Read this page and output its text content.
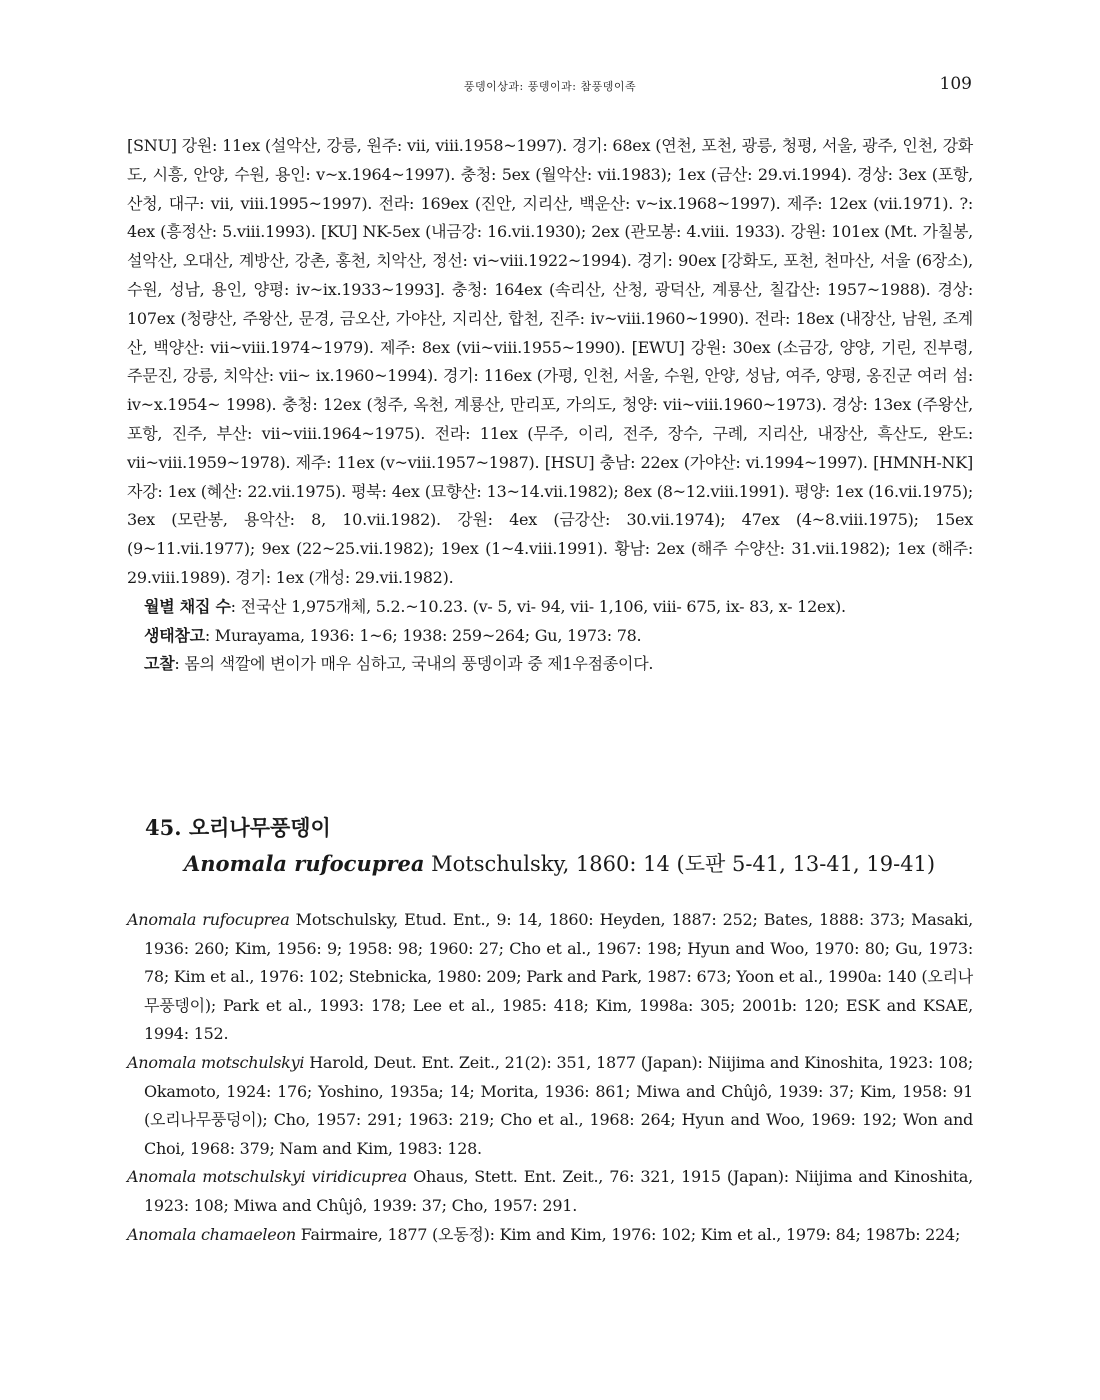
풍뎅이상과: 풍뎅이과: 참풍뎅이족	109

[SNU] 강원: 11ex (설악산, 강릉, 원주: vii, viii.1958~1997). 경기: 68ex (연천, 포천, 광릉, 청평, 서울, 광주, 인천, 강화도, 시흥, 안양, 수원, 용인: v~x.1964~1997). 충청: 5ex (월악산: vii.1983); 1ex (금산: 29.vi.1994). 경상: 3ex (포항, 산청, 대구: vii, viii.1995~1997). 전라: 169ex (진안, 지리산, 백운산: v~ix.1968~1997). 제주: 12ex (vii.1971). ?: 4ex (흥정산: 5.viii.1993). [KU] NK-5ex (내금강: 16.vii.1930); 2ex (관모봉: 4.viii. 1933). 강원: 101ex (Mt. 가칠봉, 설악산, 오대산, 계방산, 강촌, 홍천, 치악산, 정선: vi~viii.1922~1994). 경기: 90ex [강화도, 포천, 천마산, 서울 (6장소), 수원, 성남, 용인, 양평: iv~ix.1933~1993]. 충청: 164ex (속리산, 산청, 광덕산, 계룡산, 칠갑산: 1957~1988). 경상: 107ex (청량산, 주왕산, 문경, 금오산, 가야산, 지리산, 합천, 진주: iv~viii.1960~1990). 전라: 18ex (내장산, 남원, 조계산, 백양산: vii~viii.1974~1979). 제주: 8ex (vii~viii.1955~1990). [EWU] 강원: 30ex (소금강, 양양, 기린, 진부령, 주문진, 강릉, 치악산: vii~ ix.1960~1994). 경기: 116ex (가평, 인천, 서울, 수원, 안양, 성남, 여주, 양평, 옹진군 여러 섬: iv~x.1954~ 1998). 충청: 12ex (청주, 옥천, 계룡산, 만리포, 가의도, 청양: vii~viii.1960~1973). 경상: 13ex (주왕산, 포항, 진주, 부산: vii~viii.1964~1975). 전라: 11ex (무주, 이리, 전주, 장수, 구례, 지리산, 내장산, 흑산도, 완도: vii~viii.1959~1978). 제주: 11ex (v~viii.1957~1987). [HSU] 충남: 22ex (가야산: vi.1994~1997). [HMNH-NK] 자강: 1ex (혜산: 22.vii.1975). 평북: 4ex (묘향산: 13~14.vii.1982); 8ex (8~12.viii.1991). 평양: 1ex (16.vii.1975); 3ex (모란봉, 용악산: 8, 10.vii.1982). 강원: 4ex (금강산: 30.vii.1974); 47ex (4~8.viii.1975); 15ex (9~11.vii.1977); 9ex (22~25.vii.1982); 19ex (1~4.viii.1991). 황남: 2ex (해주 수양산: 31.vii.1982); 1ex (해주: 29.viii.1989). 경기: 1ex (개성: 29.vii.1982).

월별 채집 수: 전국산 1,975개체, 5.2.~10.23. (v- 5, vi- 94, vii- 1,106, viii- 675, ix- 83, x- 12ex).

생태참고: Murayama, 1936: 1~6; 1938: 259~264; Gu, 1973: 78.

고찰: 몸의 색깔에 변이가 매우 심하고, 국내의 풍뎅이과 중 제1우점종이다.

45. 오리나무풍뎅이

Anomala rufocuprea Motschulsky, 1860: 14 (도판 5-41, 13-41, 19-41)

Anomala rufocuprea Motschulsky, Etud. Ent., 9: 14, 1860: Heyden, 1887: 252; Bates, 1888: 373; Masaki, 1936: 260; Kim, 1956: 9; 1958: 98; 1960: 27; Cho et al., 1967: 198; Hyun and Woo, 1970: 80; Gu, 1973: 78; Kim et al., 1976: 102; Stebnicka, 1980: 209; Park and Park, 1987: 673; Yoon et al., 1990a: 140 (오리나무풍뎅이); Park et al., 1993: 178; Lee et al., 1985: 418; Kim, 1998a: 305; 2001b: 120; ESK and KSAE, 1994: 152.

Anomala motschulskyi Harold, Deut. Ent. Zeit., 21(2): 351, 1877 (Japan): Niijima and Kinoshita, 1923: 108; Okamoto, 1924: 176; Yoshino, 1935a; 14; Morita, 1936: 861; Miwa and Chûjô, 1939: 37; Kim, 1958: 91 (오리나무풍덩이); Cho, 1957: 291; 1963: 219; Cho et al., 1968: 264; Hyun and Woo, 1969: 192; Won and Choi, 1968: 379; Nam and Kim, 1983: 128.

Anomala motschulskyi viridicuprea Ohaus, Stett. Ent. Zeit., 76: 321, 1915 (Japan): Niijima and Kinoshita, 1923: 108; Miwa and Chûjô, 1939: 37; Cho, 1957: 291.

Anomala chamaeleon Fairmaire, 1877 (오동정): Kim and Kim, 1976: 102; Kim et al., 1979: 84; 1987b: 224;
